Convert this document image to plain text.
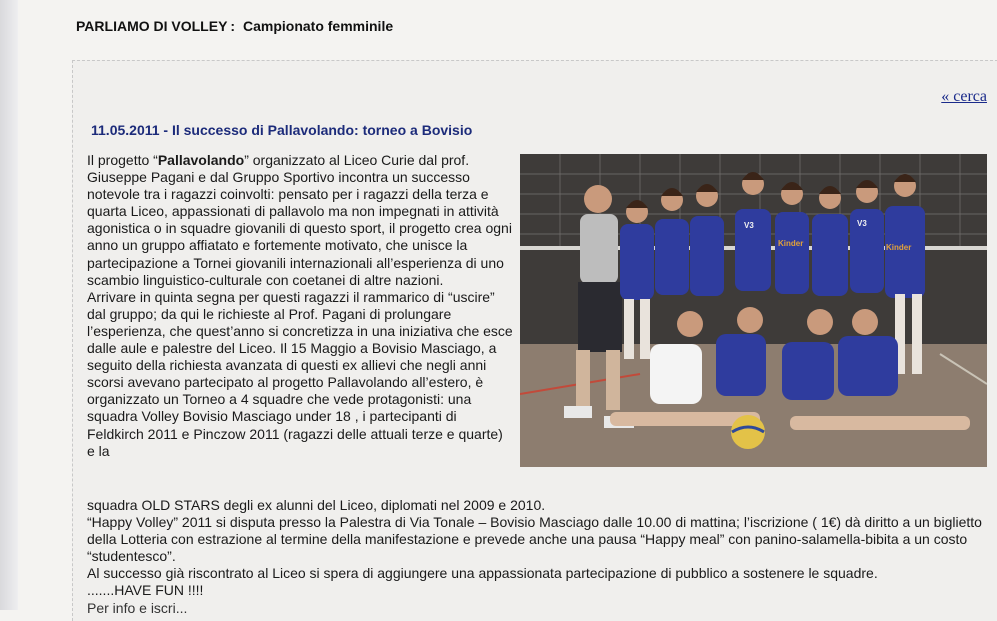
PARLIAMO DI VOLLEY : Campionato femminile
« cerca
11.05.2011 - Il successo di Pallavolando: torneo a Bovisio
V3
Kinder
V3
Kinder

Il progetto “Pallavolando” organizzato al Liceo Curie dal prof. Giuseppe Pagani e dal Gruppo Sportivo incontra un successo notevole tra i ragazzi coinvolti: pensato per i ragazzi della terza e quarta Liceo, appassionati di pallavolo ma non impegnati in attività agonistica o in squadre giovanili di questo sport, il progetto crea ogni anno un gruppo affiatato e fortemente motivato, che unisce la partecipazione a Tornei giovanili internazionali all’esperienza di uno scambio linguistico-culturale con coetanei di altre nazioni.

Arrivare in quinta segna per questi ragazzi il rammarico di “uscire” dal gruppo; da qui le richieste al Prof. Pagani di prolungare l’esperienza, che quest’anno si concretizza in una iniziativa che esce dalle aule e palestre del Liceo. Il 15 Maggio a Bovisio Masciago, a seguito della richiesta avanzata di questi ex allievi che negli anni scorsi avevano partecipato al progetto Pallavolando all’estero, è organizzato un Torneo a 4 squadre che vede protagonisti: una squadra Volley Bovisio Masciago under 18 , i partecipanti di Feldkirch 2011 e Pinczow 2011 (ragazzi delle attuali terze e quarte) e la

squadra OLD STARS degli ex alunni del Liceo, diplomati nel 2009 e 2010.

“Happy Volley” 2011 si disputa presso la Palestra di Via Tonale – Bovisio Masciago dalle 10.00 di mattina; l’iscrizione ( 1€) dà diritto a un biglietto della Lotteria con estrazione al termine della manifestazione e prevede anche una pausa “Happy meal” con panino-salamella-bibita a un costo “studentesco”.

Al successo già riscontrato al Liceo si spera di aggiungere una appassionata partecipazione di pubblico a sostenere le squadre.

.......HAVE FUN !!!!

Per info e iscri...
